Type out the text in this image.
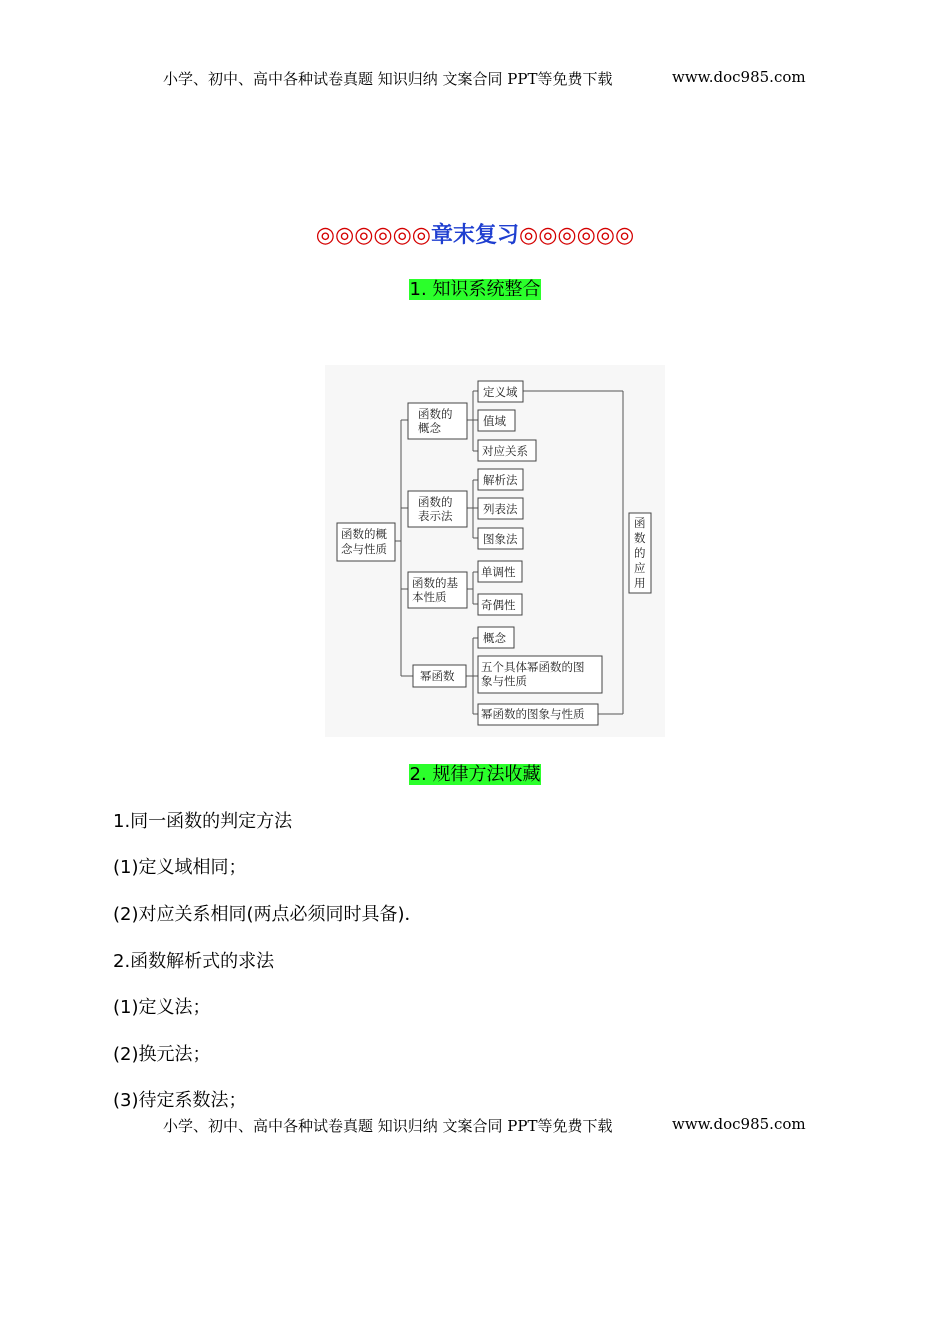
小学、初中、高中各种试卷真题 知识归纳 文案合同 PPT等免费下载	www.doc985.com
◎◎◎◎◎◎章末复习◎◎◎◎◎◎
1. 知识系统整合
函数的概
念与性质
函
数
的
应
用
函数的
概念
函数的
表示法
函数的基
本性质
幂函数
定义域
值域
对应关系
解析法
列表法
图象法
单调性
奇偶性
概念
五个具体幂函数的图
象与性质
幂函数的图象与性质
2. 规律方法收藏
1.同一函数的判定方法
(1)定义域相同；
(2)对应关系相同(两点必须同时具备)．
2.函数解析式的求法
(1)定义法；
(2)换元法；
(3)待定系数法；
小学、初中、高中各种试卷真题 知识归纳 文案合同 PPT等免费下载	www.doc985.com
